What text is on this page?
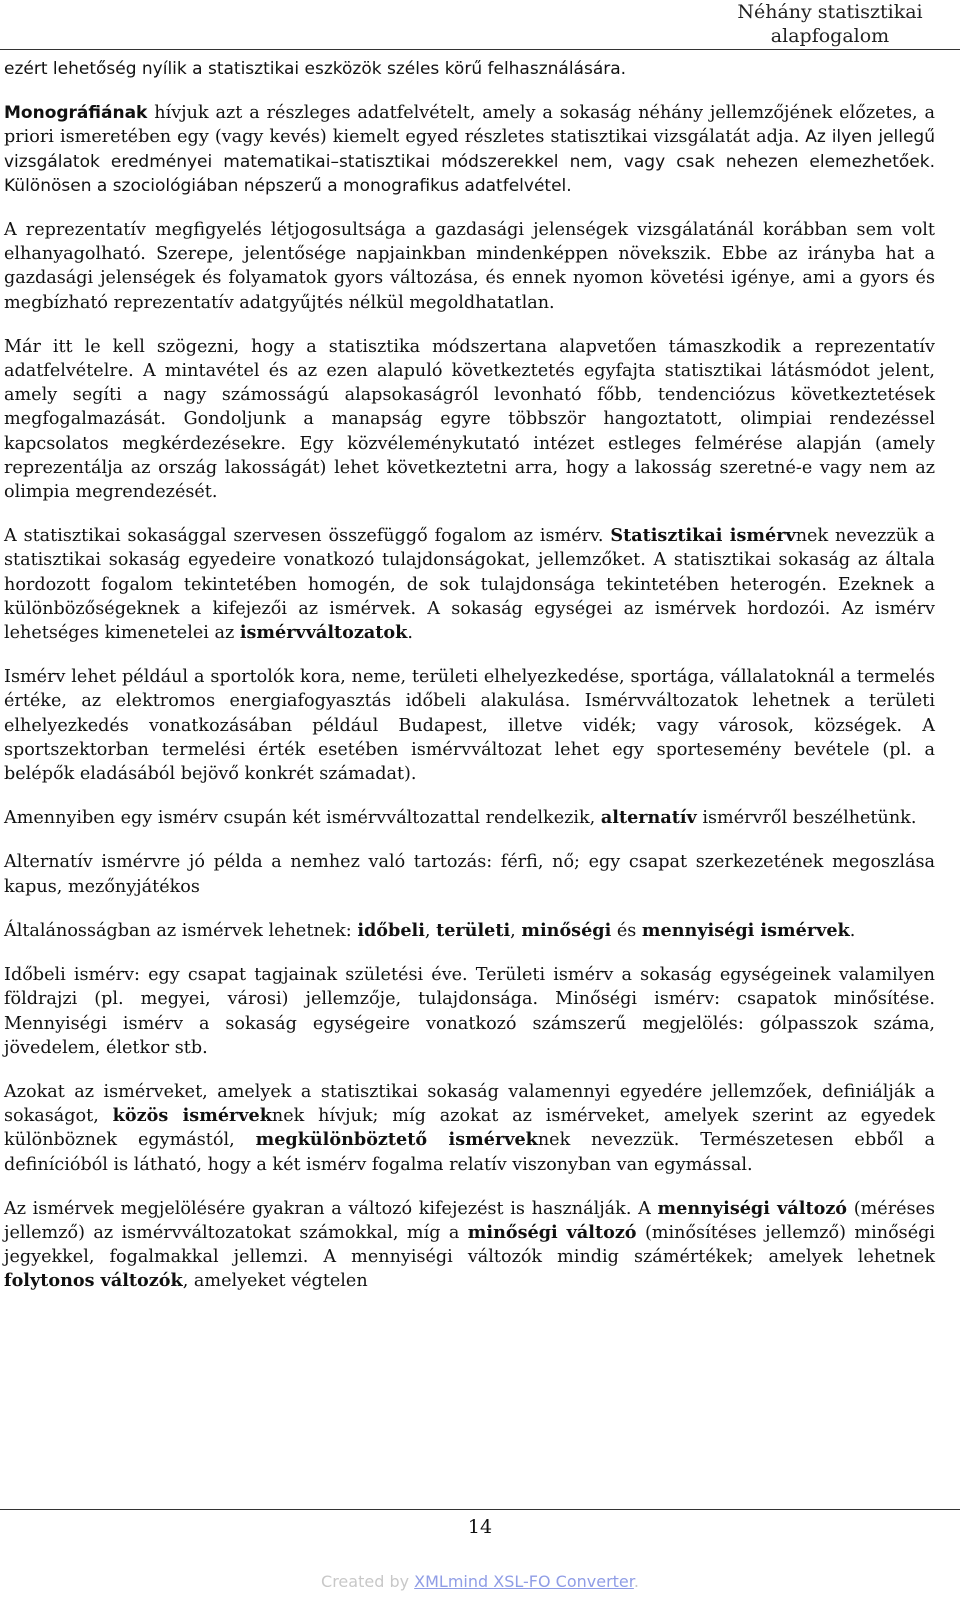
Néhány statisztikai
alapfogalom

ezért lehetőség nyílik a statisztikai eszközök széles körű felhasználására.

Monográfiának hívjuk azt a részleges adatfelvételt, amely a sokaság néhány jellemzőjének előzetes, a priori ismeretében egy (vagy kevés) kiemelt egyed részletes statisztikai vizsgálatát adja. Az ilyen jellegű vizsgálatok eredményei matematikai–statisztikai módszerekkel nem, vagy csak nehezen elemezhetőek. Különösen a szociológiában népszerű a monografikus adatfelvétel.

A reprezentatív megfigyelés létjogosultsága a gazdasági jelenségek vizsgálatánál korábban sem volt elhanyagolható. Szerepe, jelentősége napjainkban mindenképpen növekszik. Ebbe az irányba hat a gazdasági jelenségek és folyamatok gyors változása, és ennek nyomon követési igénye, ami a gyors és megbízható reprezentatív adatgyűjtés nélkül megoldhatatlan.

Már itt le kell szögezni, hogy a statisztika módszertana alapvetően támaszkodik a reprezentatív adatfelvételre. A mintavétel és az ezen alapuló következtetés egyfajta statisztikai látásmódot jelent, amely segíti a nagy számosságú alapsokaságról levonható főbb, tendenciózus következtetések megfogalmazását. Gondoljunk a manapság egyre többször hangoztatott, olimpiai rendezéssel kapcsolatos megkérdezésekre. Egy közvéleménykutató intézet estleges felmérése alapján (amely reprezentálja az ország lakosságát) lehet következtetni arra, hogy a lakosság szeretné-e vagy nem az olimpia megrendezését.

A statisztikai sokasággal szervesen összefüggő fogalom az ismérv. Statisztikai ismérvnek nevezzük a statisztikai sokaság egyedeire vonatkozó tulajdonságokat, jellemzőket. A statisztikai sokaság az általa hordozott fogalom tekintetében homogén, de sok tulajdonsága tekintetében heterogén. Ezeknek a különbözőségeknek a kifejezői az ismérvek. A sokaság egységei az ismérvek hordozói. Az ismérv lehetséges kimenetelei az ismérvváltozatok.

Ismérv lehet például a sportolók kora, neme, területi elhelyezkedése, sportága, vállalatoknál a termelés értéke, az elektromos energiafogyasztás időbeli alakulása. Ismérvváltozatok lehetnek a területi elhelyezkedés vonatkozásában például Budapest, illetve vidék; vagy városok, községek. A sportszektorban termelési érték esetében ismérvváltozat lehet egy sportesemény bevétele (pl. a belépők eladásából bejövő konkrét számadat).

Amennyiben egy ismérv csupán két ismérvváltozattal rendelkezik, alternatív ismérvről beszélhetünk.

Alternatív ismérvre jó példa a nemhez való tartozás: férfi, nő; egy csapat szerkezetének megoszlása kapus, mezőnyjátékos

Általánosságban az ismérvek lehetnek: időbeli, területi, minőségi és mennyiségi ismérvek.

Időbeli ismérv: egy csapat tagjainak születési éve. Területi ismérv a sokaság egységeinek valamilyen földrajzi (pl. megyei, városi) jellemzője, tulajdonsága. Minőségi ismérv: csapatok minősítése. Mennyiségi ismérv a sokaság egységeire vonatkozó számszerű megjelölés: gólpasszok száma, jövedelem, életkor stb.

Azokat az ismérveket, amelyek a statisztikai sokaság valamennyi egyedére jellemzőek, definiálják a sokaságot, közös ismérveknek hívjuk; míg azokat az ismérveket, amelyek szerint az egyedek különböznek egymástól, megkülönböztető ismérveknek nevezzük. Természetesen ebből a definícióból is látható, hogy a két ismérv fogalma relatív viszonyban van egymással.

Az ismérvek megjelölésére gyakran a változó kifejezést is használják. A mennyiségi változó (méréses jellemző) az ismérvváltozatokat számokkal, míg a minőségi változó (minősítéses jellemző) minőségi jegyekkel, fogalmakkal jellemzi. A mennyiségi változók mindig számértékek; amelyek lehetnek folytonos változók, amelyeket végtelen

14
Created by XMLmind XSL-FO Converter.
